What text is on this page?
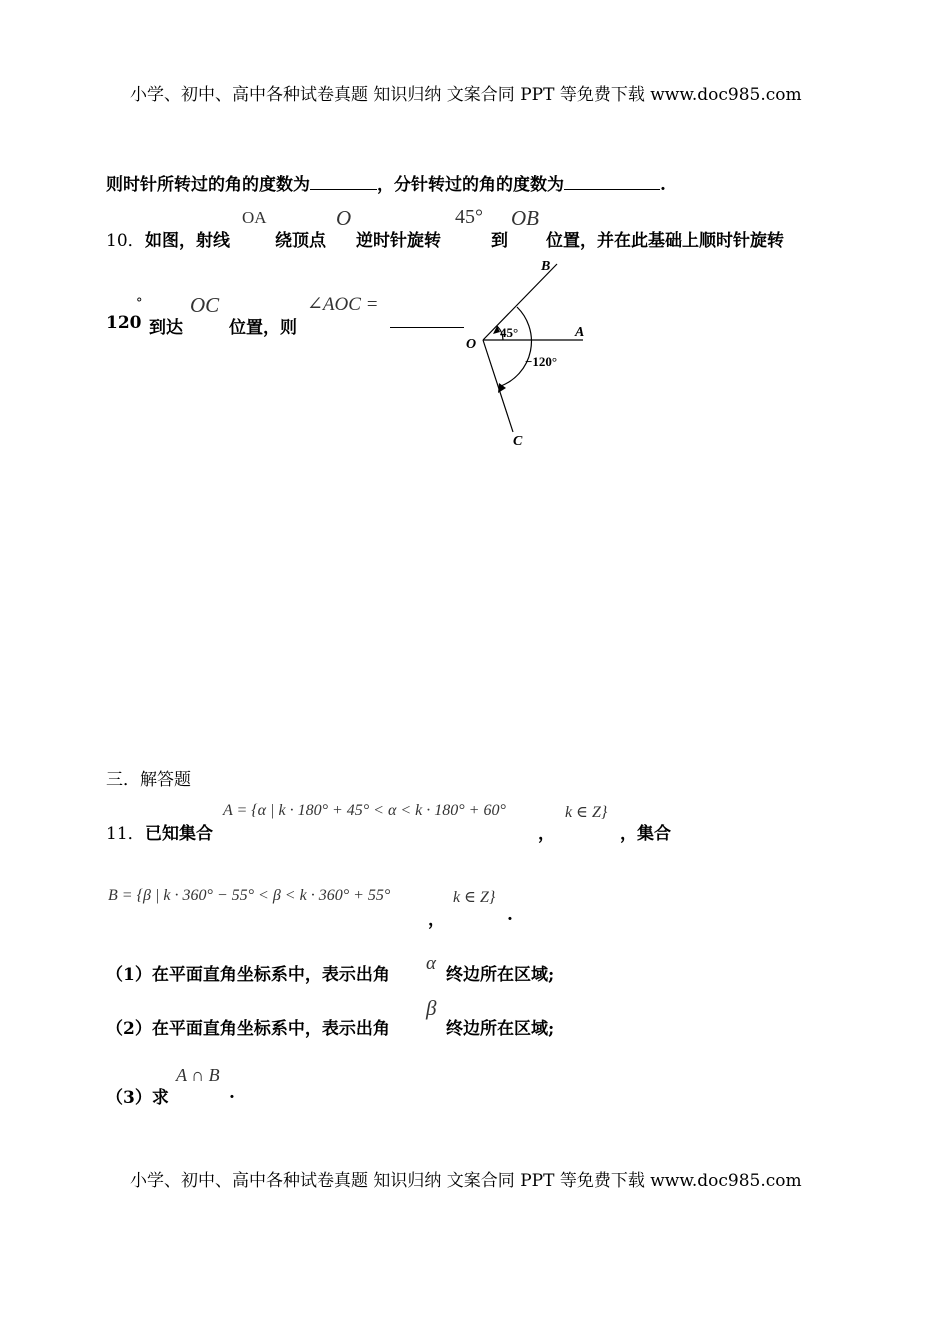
小学、初中、高中各种试卷真题 知识归纳 文案合同 PPT 等免费下载 www.doc985.com
则时针所转过的角的度数为	，分针转过的角的度数为	.
10． 如图，射线
OA
绕顶点
O
逆时针旋转
45°
到
OB
位置，并在此基础上顺时针旋转
120
°
到达
OC
位置，则
∠AOC =
B
A
O
C
45°
−120°
三．解答题
11． 已知集合
A = {α | k · 180° + 45° < α < k · 180° + 60°
，
k ∈ Z}
，集合
B = {β | k · 360° − 55° < β < k · 360° + 55°
，
k ∈ Z}
.
（1）在平面直角坐标系中，表示出角
α
终边所在区域;
（2）在平面直角坐标系中，表示出角
β
终边所在区域;
（3）求
A ∩ B
.
小学、初中、高中各种试卷真题 知识归纳 文案合同 PPT 等免费下载 www.doc985.com
